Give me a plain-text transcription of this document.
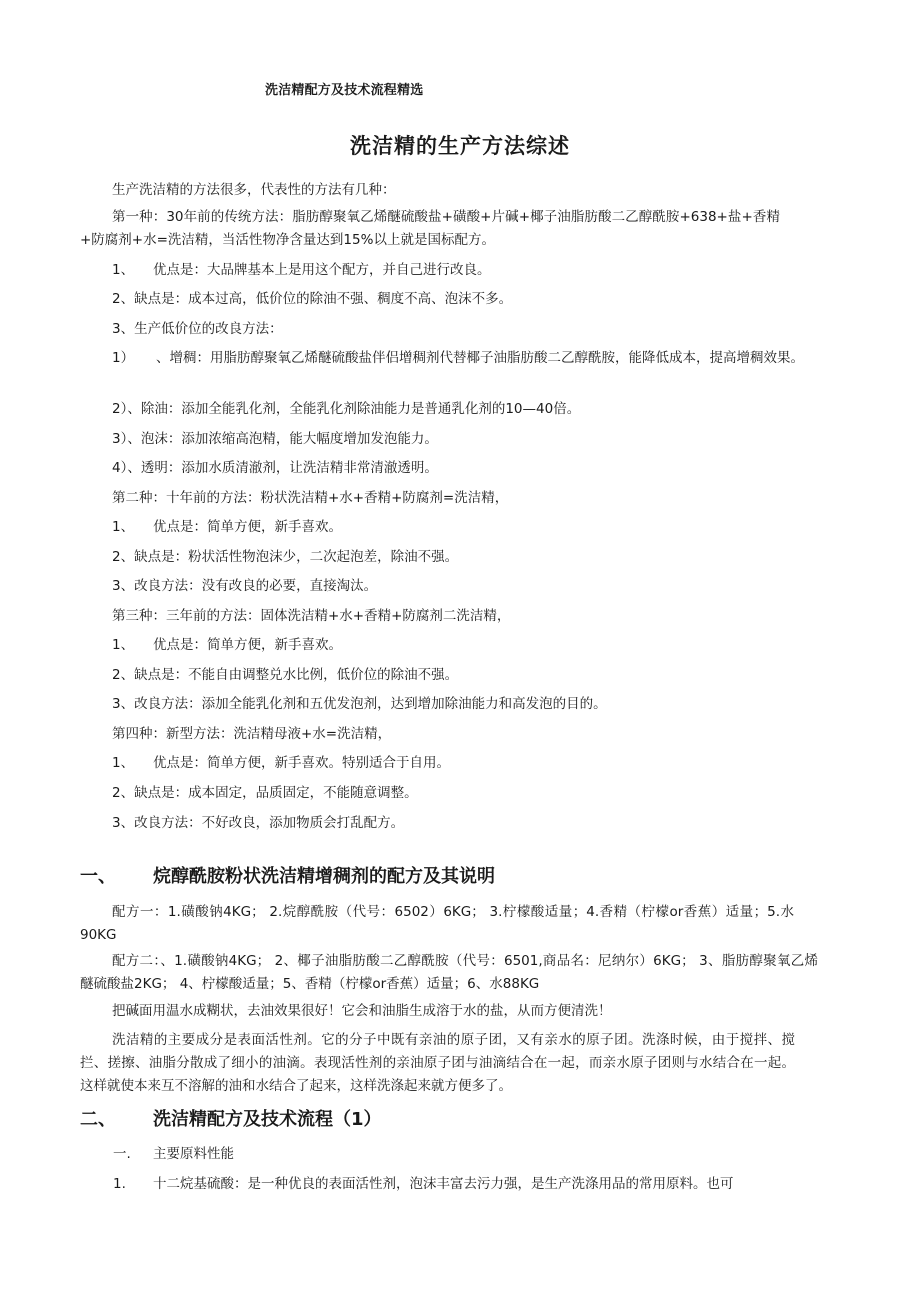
洗洁精配方及技术流程精选
洗洁精的生产方法综述
生产洗洁精的方法很多，代表性的方法有几种：
第一种：30年前的传统方法：脂肪醇聚氧乙烯醚硫酸盐+磺酸+片碱+椰子油脂肪酸二乙醇酰胺+638+盐+香精+防腐剂+水=洗洁精，当活性物净含量达到15%以上就是国标配方。
1、 优点是：大品牌基本上是用这个配方，并自己进行改良。
2、缺点是：成本过高，低价位的除油不强、稠度不高、泡沫不多。
3、生产低价位的改良方法：
1） 、增稠：用脂肪醇聚氧乙烯醚硫酸盐伴侣增稠剂代替椰子油脂肪酸二乙醇酰胺，能降低成本，提高增稠效果。
2）、除油：添加全能乳化剂，全能乳化剂除油能力是普通乳化剂的10—40倍。
3）、泡沫：添加浓缩高泡精，能大幅度增加发泡能力。
4）、透明：添加水质清澈剂，让洗洁精非常清澈透明。
第二种：十年前的方法：粉状洗洁精+水+香精+防腐剂=洗洁精，
1、 优点是：简单方便，新手喜欢。
2、缺点是：粉状活性物泡沫少，二次起泡差，除油不强。
3、改良方法：没有改良的必要，直接淘汰。
第三种：三年前的方法：固体洗洁精+水+香精+防腐剂二洗洁精，
1、 优点是：简单方便，新手喜欢。
2、缺点是：不能自由调整兑水比例，低价位的除油不强。
3、改良方法：添加全能乳化剂和五优发泡剂，达到增加除油能力和高发泡的目的。
第四种：新型方法：洗洁精母液+水=洗洁精，
1、 优点是：简单方便，新手喜欢。特别适合于自用。
2、缺点是：成本固定，品质固定，不能随意调整。
3、改良方法：不好改良，添加物质会打乱配方。
一、 烷醇酰胺粉状洗洁精增稠剂的配方及其说明
配方一：1.磺酸钠4KG； 2.烷醇酰胺（代号：6502）6KG； 3.柠檬酸适量；4.香精（柠檬or香蕉）适量；5.水 90KG
配方二：、1.磺酸钠4KG； 2、椰子油脂肪酸二乙醇酰胺（代号：6501,商品名：尼纳尔）6KG； 3、脂肪醇聚氧乙烯醚硫酸盐2KG； 4、柠檬酸适量；5、香精（柠檬or香蕉）适量；6、水88KG
把碱面用温水成糊状，去油效果很好！它会和油脂生成溶于水的盐，从而方便清洗！
洗洁精的主要成分是表面活性剂。它的分子中既有亲油的原子团，又有亲水的原子团。洗涤时候，由于搅拌、搅拦、搓擦、油脂分散成了细小的油滴。表现活性剂的亲油原子团与油滴结合在一起，而亲水原子团则与水结合在一起。这样就使本来互不溶解的油和水结合了起来，这样洗涤起来就方便多了。
二、 洗洁精配方及技术流程（1）
一. 主要原料性能
1. 十二烷基硫酸：是一种优良的表面活性剂，泡沫丰富去污力强，是生产洗涤用品的常用原料。也可
